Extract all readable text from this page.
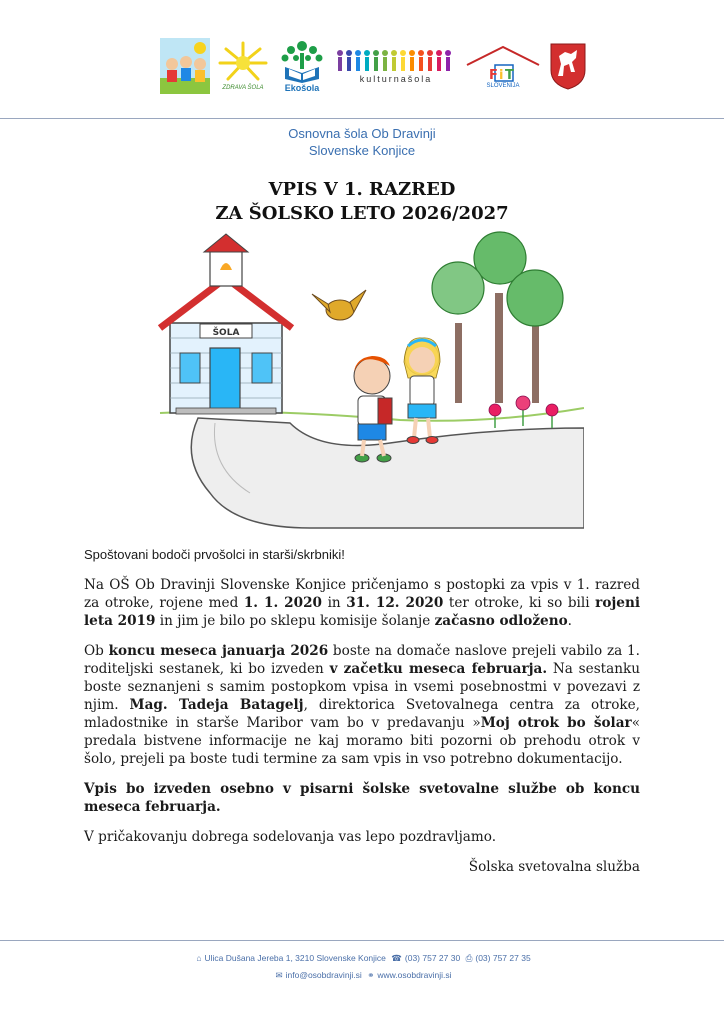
ZDRAVA ŠOLA Ekošola
kulturnašola	F i T
SLOVENIJA
Osnovna šola Ob Dravinji
Slovenske Konjice
VPIS V 1. RAZRED
ZA ŠOLSKO LETO 2026/2027
ŠOLA

Spoštovani bodoči prvošolci in starši/skrbniki!

Na OŠ Ob Dravinji Slovenske Konjice pričenjamo s postopki za vpis v 1. razred za otroke, rojene med 1. 1. 2020 in 31. 12. 2020 ter otroke, ki so bili rojeni leta 2019 in jim je bilo po sklepu komisije šolanje začasno odloženo.

Ob koncu meseca januarja 2026 boste na domače naslove prejeli vabilo za 1. roditeljski sestanek, ki bo izveden v začetku meseca februarja. Na sestanku boste seznanjeni s samim postopkom vpisa in vsemi posebnostmi v povezavi z njim. Mag. Tadeja Batagelj, direktorica Svetovalnega centra za otroke, mladostnike in starše Maribor vam bo v predavanju »Moj otrok bo šolar« predala bistvene informacije ne kaj moramo biti pozorni ob prehodu otrok v šolo, prejeli pa boste tudi termine za sam vpis in vso potrebno dokumentacijo.

Vpis bo izveden osebno v pisarni šolske svetovalne službe ob koncu meseca februarja.

V pričakovanju dobrega sodelovanja vas lepo pozdravljamo.

Šolska svetovalna služba

⌂ Ulica Dušana Jereba 1, 3210 Slovenske Konjice ☎ (03) 757 27 30 ⎙ (03) 757 27 35
✉ info@osobdravinji.si ⚭ www.osobdravinji.si
